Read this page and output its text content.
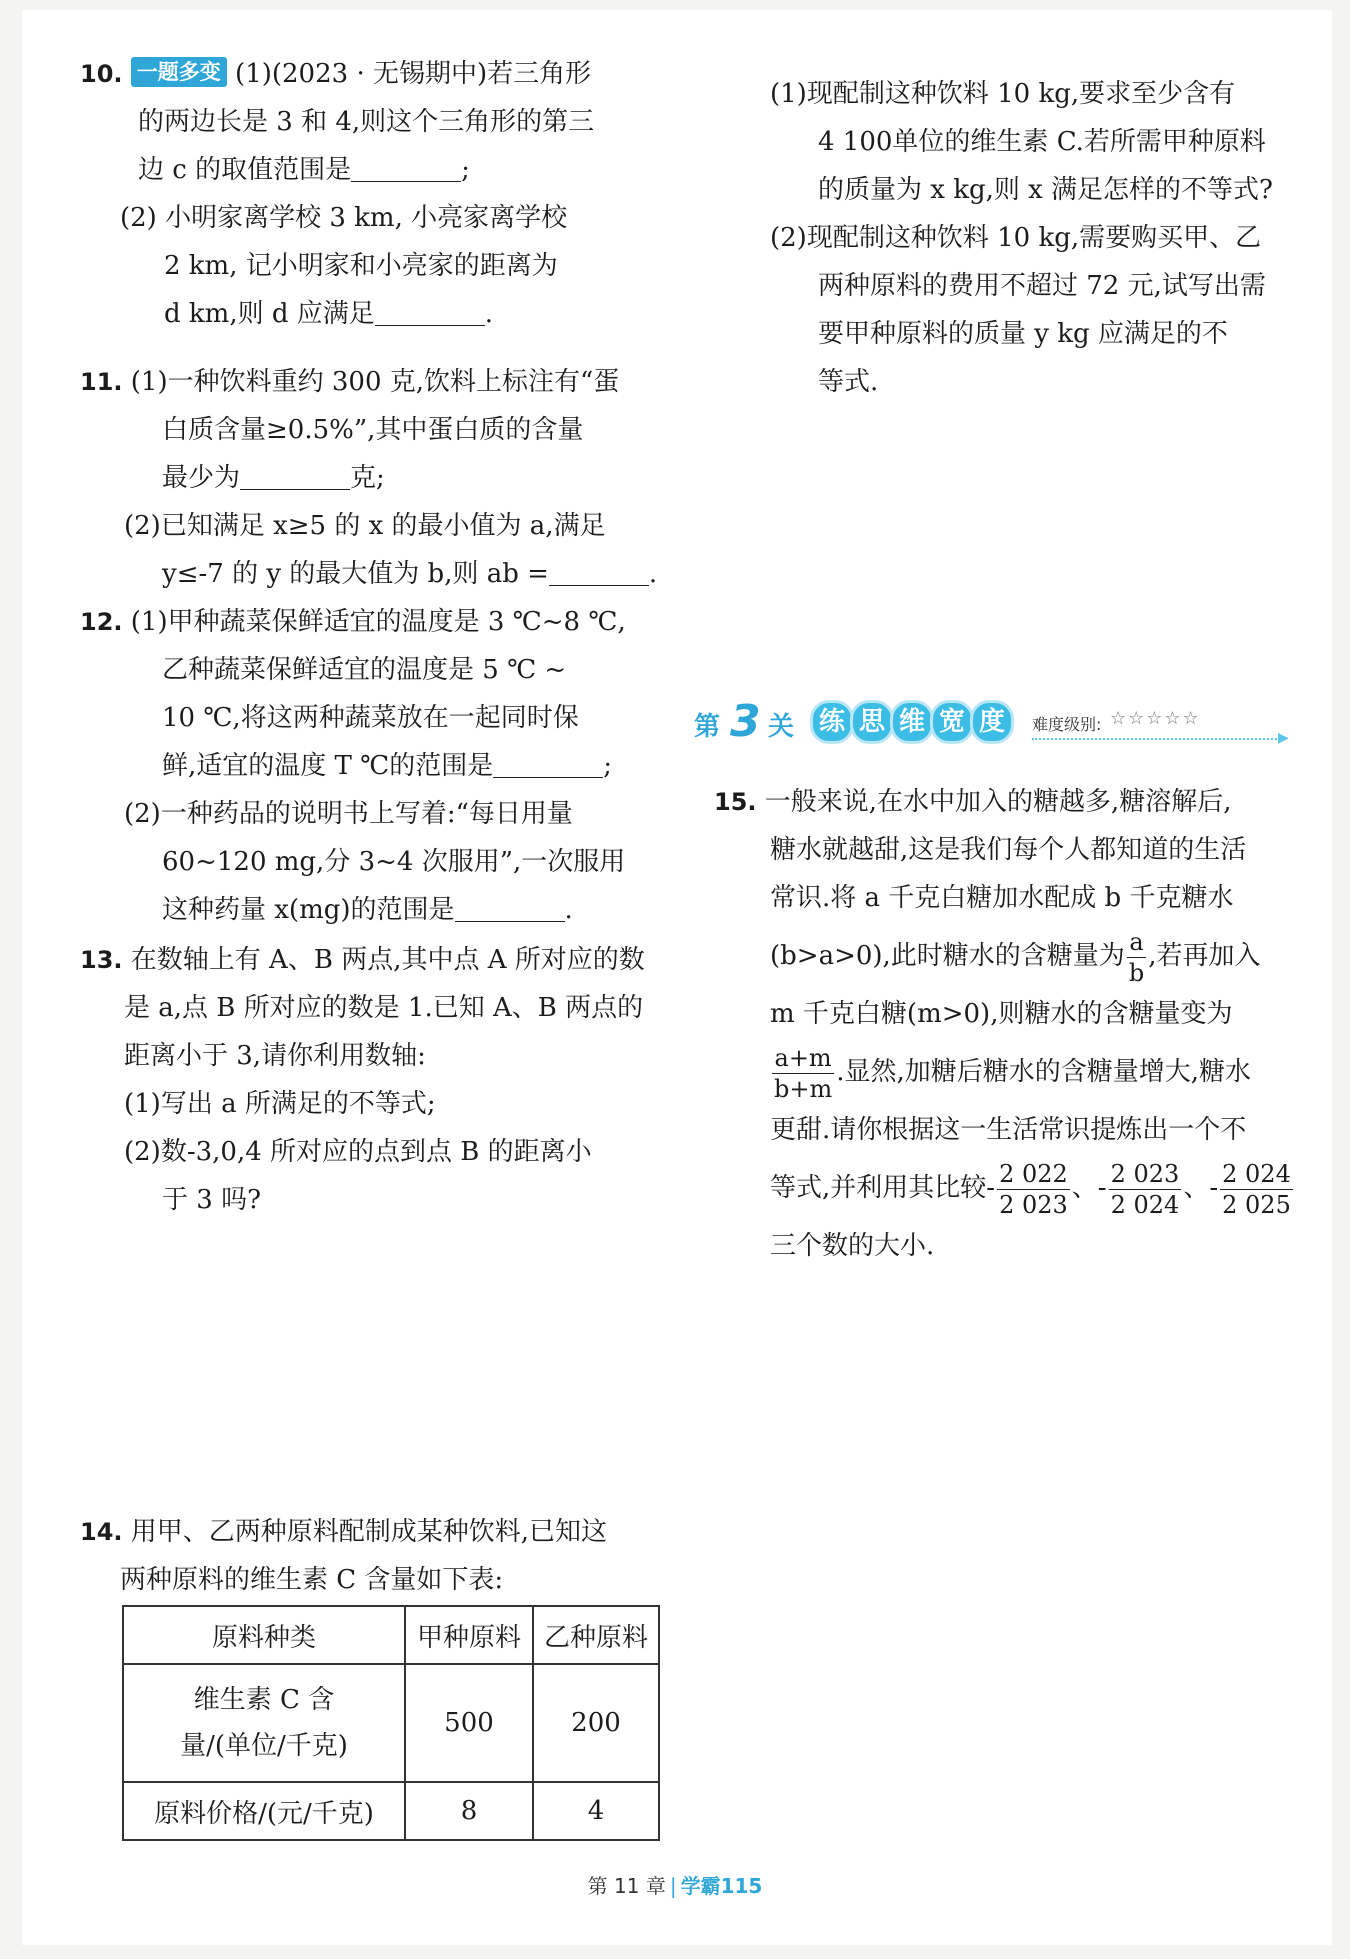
10. 一题多变 (1)(2023 · 无锡期中)若三角形
的两边长是 3 和 4,则这个三角形的第三
边 c 的取值范围是	;
(2) 小明家离学校 3 km, 小亮家离学校
2 km, 记小明家和小亮家的距离为
d km,则 d 应满足	.
11. (1)一种饮料重约 300 克,饮料上标注有“蛋
白质含量≥0.5%”,其中蛋白质的含量
最少为	克;
(2)已知满足 x≥5 的 x 的最小值为 a,满足
y≤-7 的 y 的最大值为 b,则 ab =	.
12. (1)甲种蔬菜保鲜适宜的温度是 3 ℃~8 ℃,
乙种蔬菜保鲜适宜的温度是 5 ℃ ~
10 ℃,将这两种蔬菜放在一起同时保
鲜,适宜的温度 T ℃的范围是	;
(2)一种药品的说明书上写着:“每日用量
60~120 mg,分 3~4 次服用”,一次服用
这种药量 x(mg)的范围是	.
13. 在数轴上有 A、B 两点,其中点 A 所对应的数
是 a,点 B 所对应的数是 1.已知 A、B 两点的
距离小于 3,请你利用数轴:
(1)写出 a 所满足的不等式;
(2)数-3,0,4 所对应的点到点 B 的距离小
于 3 吗?
14. 用甲、乙两种原料配制成某种饮料,已知这
两种原料的维生素 C 含量如下表:
原料种类	甲种原料	乙种原料

维生素 C 含
量/(单位/千克)	500	200
原料价格/(元/千克)	8	4
(1)现配制这种饮料 10 kg,要求至少含有
4 100单位的维生素 C.若所需甲种原料
的质量为 x kg,则 x 满足怎样的不等式?
(2)现配制这种饮料 10 kg,需要购买甲、乙
两种原料的费用不超过 72 元,试写出需
要甲种原料的质量 y kg 应满足的不
等式.
第 3 关 练 思 维 宽 度	难度级别: ☆☆☆☆☆
▶
15. 一般来说,在水中加入的糖越多,糖溶解后,
糖水就越甜,这是我们每个人都知道的生活
常识.将 a 千克白糖加水配成 b 千克糖水
(b>a>0),此时糖水的含糖量为 $\frac{a}{b}$ ,若再加入
m 千克白糖(m>0),则糖水的含糖量变为
$\frac{a+m}{b+m}$ .显然,加糖后糖水的含糖量增大,糖水
更甜.请你根据这一生活常识提炼出一个不
等式,并利用其比较- $\frac{2 022}{2 023}$ 、- $\frac{2 023}{2 024}$ 、- $\frac{2 024}{2 025}$
三个数的大小.
第 11 章 | 学霸115
